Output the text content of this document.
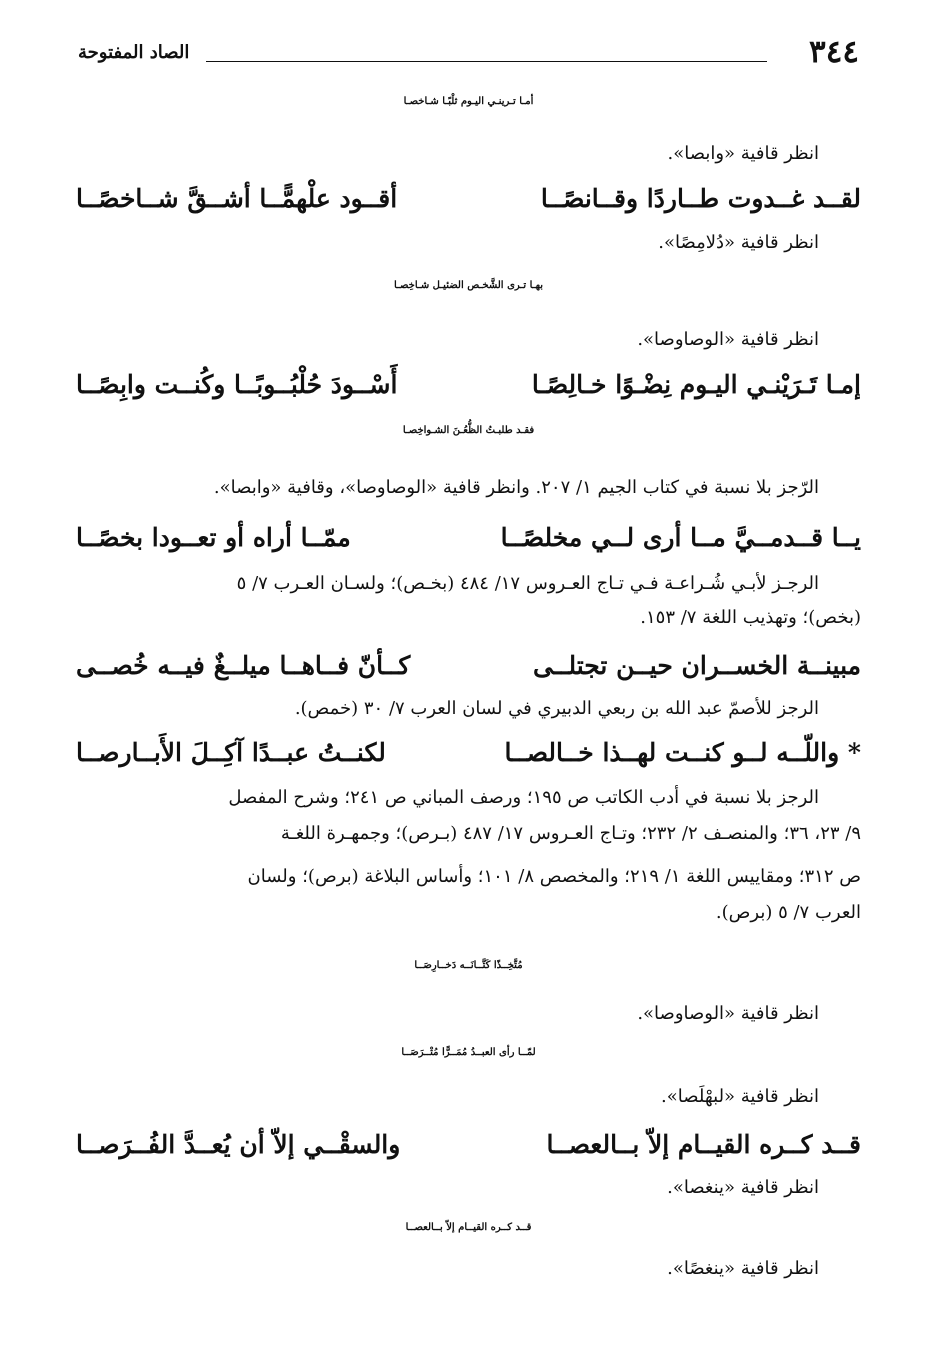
٣٤٤
الصاد المفتوحة
أمـا تـرينـي اليـوم ثلْبًـا شـاخصـا
انظر قافية «وابصا».
لقــد غــدوت طــاردًا وقــانصًــا
أقــود علْهمًّــا أشــقَّ شــاخصًــا
انظر قافية «دُلامِصًا».
بهـا تـرى الشَّخـص الضئيـل شـاخِصـا
انظر قافية «الوصاوصا».
إمـا تَـرَيْنـي اليـوم نِضْـوًا خـالِصًـا
أَسْــودَ حُلْبُــوبًــا وكُنــت وابِصًــا
فقـد طلبـتُ الظُّعُـنَ الشـواخِصـا
الرّجز بلا نسبة في كتاب الجيم ١/ ٢٠٧. وانظر قافية «الوصاوصا»، وقافية «وابصا».
يــا قــدمــيَّ مــا أرى لــي مخلصًــا
ممّــا أراه أو تعــودا بخصًــا
الرجـز لأبـي شُـراعـة فـي تـاج العـروس ١٧/ ٤٨٤ (بخـص)؛ ولسـان العـرب ٧/ ٥
(بخص)؛ وتهذيب اللغة ٧/ ١٥٣.
مبينــة الخســران حيــن تجتلــى
كــأنّ فــاهــا ميلــغٌ فيــه خُصــى
الرجز للأصمّ عبد الله بن ربعي الدبيري في لسان العرب ٧/ ٣٠ (خمص).
* واللّــه لــو كنــت لهــذا خــالصــا
لكنــتُ عبــدًا آكِــلَ الأَبــارصــا
الرجز بلا نسبة في أدب الكاتب ص ١٩٥؛ ورصف المباني ص ٢٤١؛ وشرح المفصل
٩/ ٢٣، ٣٦؛ والمنصـف ٢/ ٢٣٢؛ وتـاج العـروس ١٧/ ٤٨٧ (بـرص)؛ وجمهـرة اللغـة
ص ٣١٢؛ ومقاييس اللغة ١/ ٢١٩؛ والمخصص ٨/ ١٠١؛ وأساس البلاغة (برص)؛ ولسان
العرب ٧/ ٥ (برص).
مُتَّخِــذًا كَتَّــانَــه دَخــارِصَــا
انظر قافية «الوصاوصا».
لمّــا رأى العبــدُ مُمَــرًّا مُتْــرَصَــا
انظر قافية «لبهْلَصا».
قــد كــره القيــام إلاّ بــالعصــا
والسقْــي إلاّ أن يُعــدَّ الفُــرَصــا
انظر قافية «ينغصا».
قــد كــره القيــام إلاّ بــالعصــا
انظر قافية «ينغصًا».
